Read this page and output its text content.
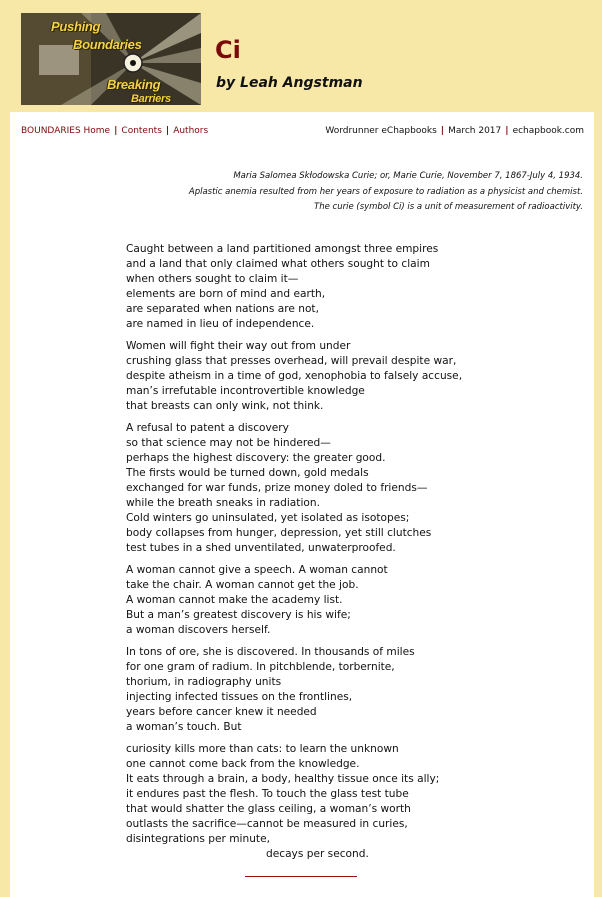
Pushing
Boundaries
Breaking
Barriers
Ci
by Leah Angstman
BOUNDARIES Home | Contents | Authors	Wordrunner eChapbooks | March 2017 | echapbook.com
Maria Salomea Skłodowska Curie; or, Marie Curie, November 7, 1867-July 4, 1934.
Aplastic anemia resulted from her years of exposure to radiation as a physicist and chemist.
The curie (symbol Ci) is a unit of measurement of radioactivity.
Caught between a land partitioned amongst three empires
and a land that only claimed what others sought to claim
when others sought to claim it—
elements are born of mind and earth,
are separated when nations are not,
are named in lieu of independence.
Women will fight their way out from under
crushing glass that presses overhead, will prevail despite war,
despite atheism in a time of god, xenophobia to falsely accuse,
man’s irrefutable incontrovertible knowledge
that breasts can only wink, not think.
A refusal to patent a discovery
so that science may not be hindered—
perhaps the highest discovery: the greater good.
The firsts would be turned down, gold medals
exchanged for war funds, prize money doled to friends—
while the breath sneaks in radiation.
Cold winters go uninsulated, yet isolated as isotopes;
body collapses from hunger, depression, yet still clutches
test tubes in a shed unventilated, unwaterproofed.
A woman cannot give a speech. A woman cannot
take the chair. A woman cannot get the job.
A woman cannot make the academy list.
But a man’s greatest discovery is his wife;
a woman discovers herself.
In tons of ore, she is discovered. In thousands of miles
for one gram of radium. In pitchblende, torbernite,
thorium, in radiography units
injecting infected tissues on the frontlines,
years before cancer knew it needed
a woman’s touch. But
curiosity kills more than cats: to learn the unknown
one cannot come back from the knowledge.
It eats through a brain, a body, healthy tissue once its ally;
it endures past the flesh. To touch the glass test tube
that would shatter the glass ceiling, a woman’s worth
outlasts the sacrifice—cannot be measured in curies,
disintegrations per minute,
decays per second.
